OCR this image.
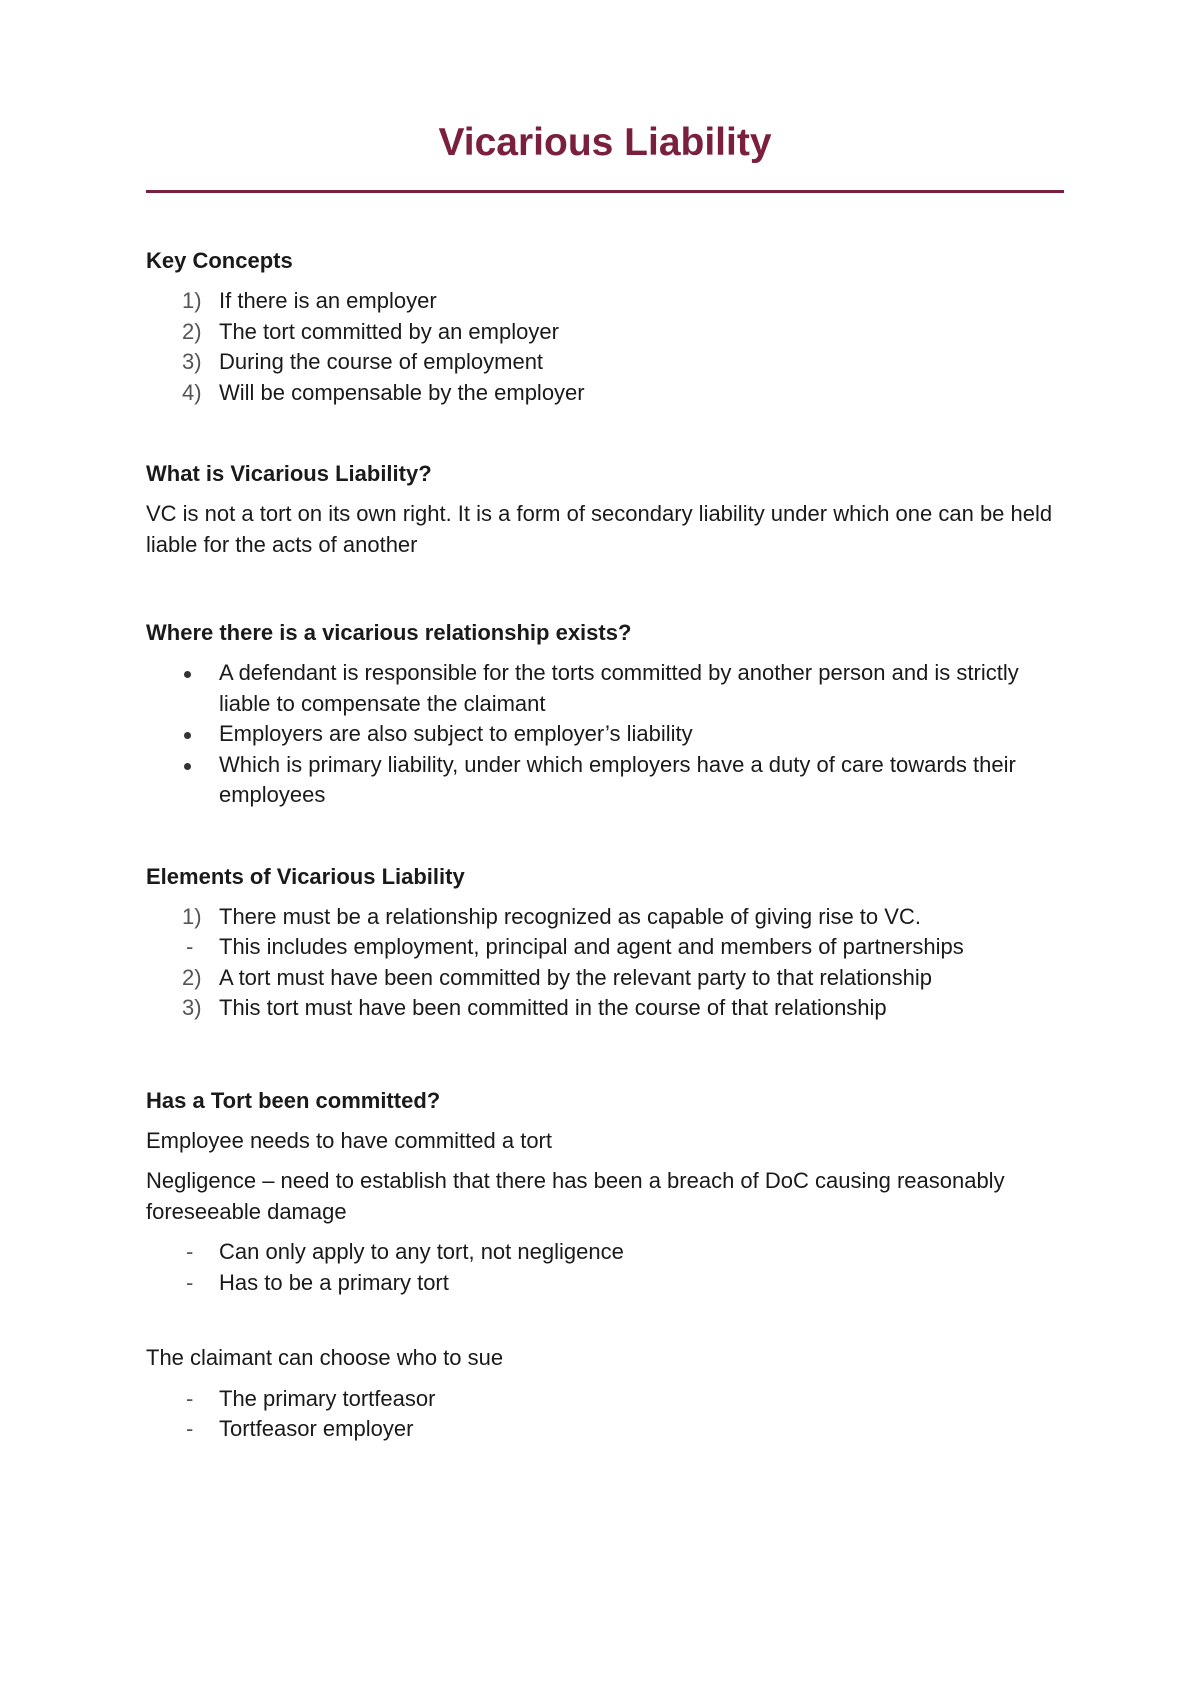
Vicarious Liability
Key Concepts
1) If there is an employer
2) The tort committed by an employer
3) During the course of employment
4) Will be compensable by the employer
What is Vicarious Liability?

VC is not a tort on its own right. It is a form of secondary liability under which one can be held liable for the acts of another

Where there is a vicarious relationship exists?
A defendant is responsible for the torts committed by another person and is strictly liable to compensate the claimant
Employers are also subject to employer’s liability
Which is primary liability, under which employers have a duty of care towards their employees
Elements of Vicarious Liability
1) There must be a relationship recognized as capable of giving rise to VC.
- This includes employment, principal and agent and members of partnerships
2) A tort must have been committed by the relevant party to that relationship
3) This tort must have been committed in the course of that relationship
Has a Tort been committed?

Employee needs to have committed a tort

Negligence – need to establish that there has been a breach of DoC causing reasonably foreseeable damage

- Can only apply to any tort, not negligence
- Has to be a primary tort

The claimant can choose who to sue

- The primary tortfeasor
- Tortfeasor employer
